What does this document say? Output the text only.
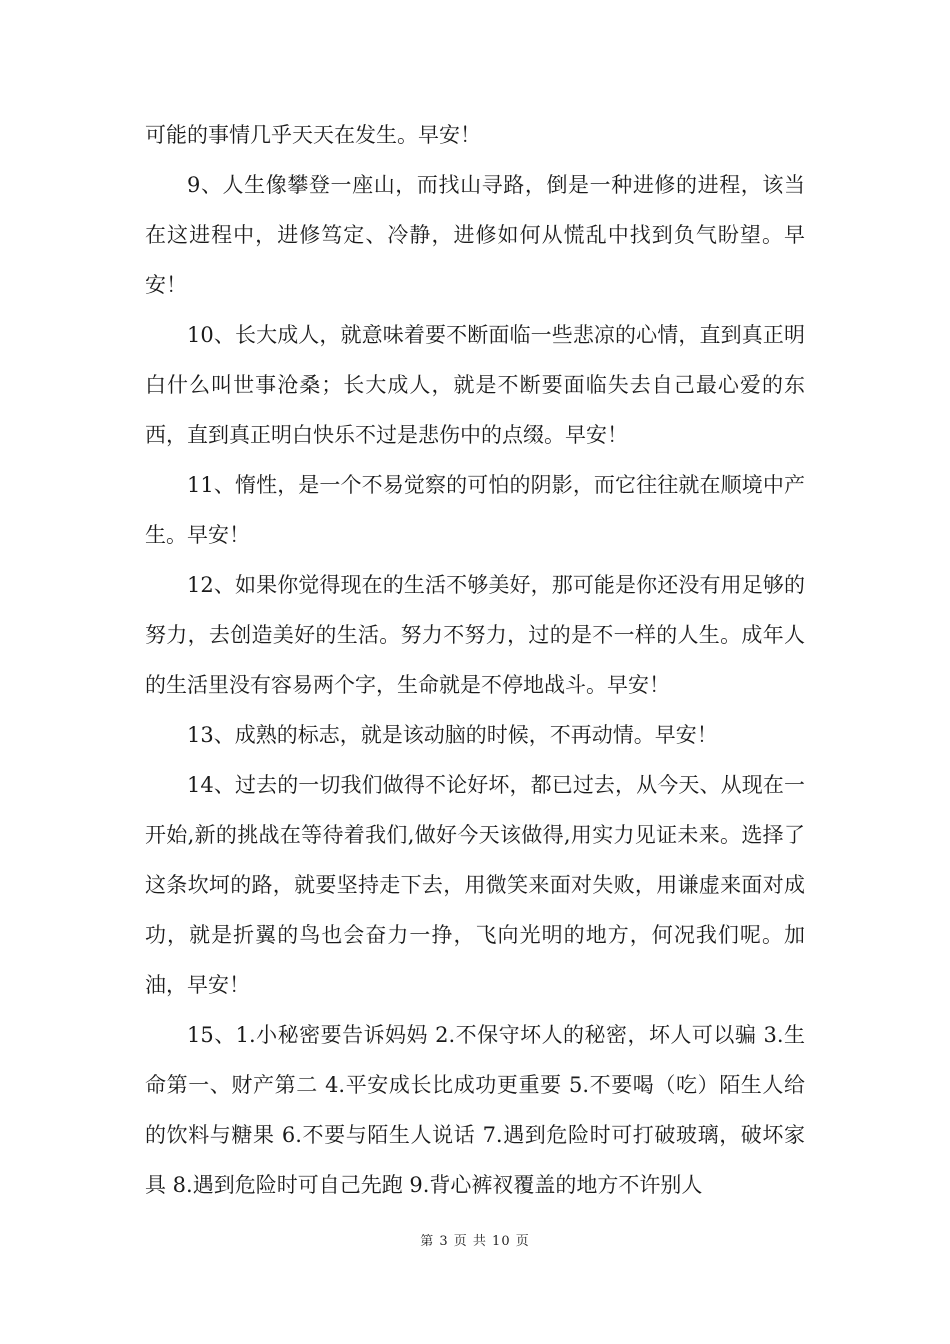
可能的事情几乎天天在发生。早安！

9、人生像攀登一座山，而找山寻路，倒是一种进修的进程，该当在这进程中，进修笃定、冷静，进修如何从慌乱中找到负气盼望。早安！

10、长大成人，就意味着要不断面临一些悲凉的心情，直到真正明白什么叫世事沧桑；长大成人，就是不断要面临失去自己最心爱的东西，直到真正明白快乐不过是悲伤中的点缀。早安！

11、惰性，是一个不易觉察的可怕的阴影，而它往往就在顺境中产生。早安！

12、如果你觉得现在的生活不够美好，那可能是你还没有用足够的努力，去创造美好的生活。努力不努力，过的是不一样的人生。成年人的生活里没有容易两个字，生命就是不停地战斗。早安！

13、成熟的标志，就是该动脑的时候，不再动情。早安！

14、过去的一切我们做得不论好坏，都已过去，从今天、从现在一开始,新的挑战在等待着我们,做好今天该做得,用实力见证未来。选择了这条坎坷的路，就要坚持走下去，用微笑来面对失败，用谦虚来面对成功，就是折翼的鸟也会奋力一挣，飞向光明的地方，何况我们呢。加油，早安！

15、1.小秘密要告诉妈妈 2.不保守坏人的秘密，坏人可以骗 3.生命第一、财产第二 4.平安成长比成功更重要 5.不要喝（吃）陌生人给的饮料与糖果 6.不要与陌生人说话 7.遇到危险时可打破玻璃，破坏家具 8.遇到危险时可自己先跑 9.背心裤衩覆盖的地方不许别人

第 3 页 共 10 页
